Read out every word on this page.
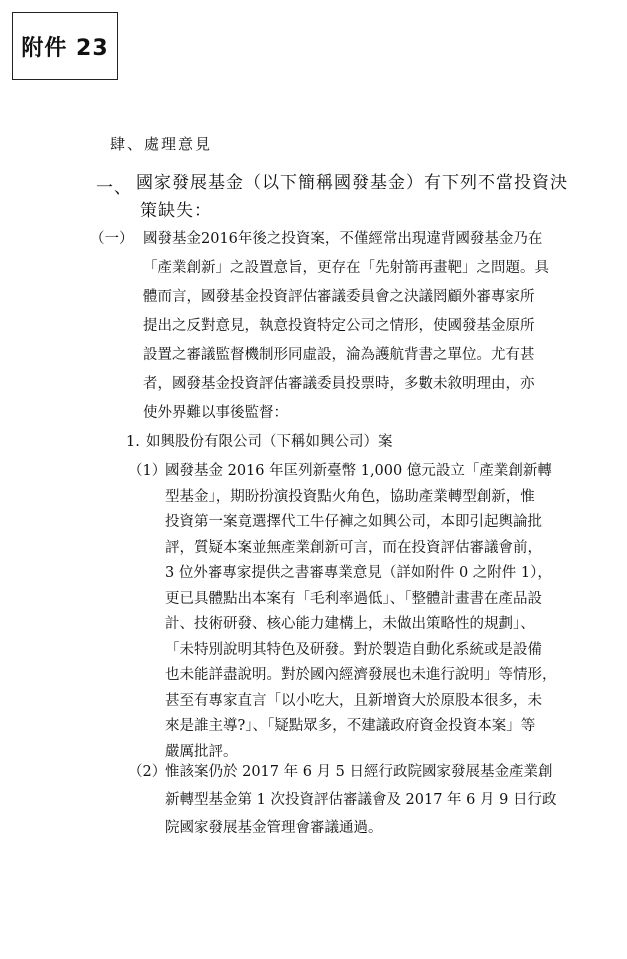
附件 23
肆、處理意見
一、 國家發展基金（以下簡稱國發基金）有下列不當投資決
策缺失：
（一） 國發基金2016年後之投資案，不僅經常出現違背國發基金乃在
「產業創新」之設置意旨，更存在「先射箭再畫靶」之問題。具
體而言，國發基金投資評估審議委員會之決議罔顧外審專家所
提出之反對意見，執意投資特定公司之情形，使國發基金原所
設置之審議監督機制形同虛設，淪為護航背書之單位。尤有甚
者，國發基金投資評估審議委員投票時，多數未敘明理由，亦
使外界難以事後監督：
1. 如興股份有限公司（下稱如興公司）案
（1）
國發基金 2016 年匡列新臺幣 1,000 億元設立「產業創新轉
型基金」，期盼扮演投資點火角色，協助產業轉型創新，惟
投資第一案竟選擇代工牛仔褲之如興公司，本即引起輿論批
評，質疑本案並無產業創新可言，而在投資評估審議會前，
3 位外審專家提供之書審專業意見（詳如附件 0 之附件 1），
更已具體點出本案有「毛利率過低」、「整體計畫書在產品設
計、技術研發、核心能力建構上，未做出策略性的規劃」、
「未特別說明其特色及研發。對於製造自動化系統或是設備
也未能詳盡說明。對於國內經濟發展也未進行說明」等情形，
甚至有專家直言「以小吃大，且新增資大於原股本很多，未
來是誰主導?」、「疑點眾多，不建議政府資金投資本案」等
嚴厲批評。
（2）
惟該案仍於 2017 年 6 月 5 日經行政院國家發展基金產業創
新轉型基金第 1 次投資評估審議會及 2017 年 6 月 9 日行政
院國家發展基金管理會審議通過。
